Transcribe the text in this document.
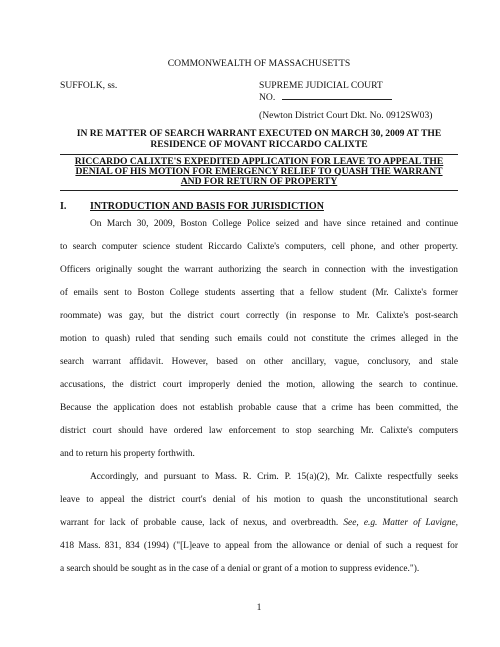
COMMONWEALTH OF MASSACHUSETTS
SUFFOLK, ss.	SUPREME JUDICIAL COURT
NO.
(Newton District Court Dkt. No. 0912SW03)
IN RE MATTER OF SEARCH WARRANT EXECUTED ON MARCH 30, 2009 AT THE
RESIDENCE OF MOVANT RICCARDO CALIXTE
RICCARDO CALIXTE'S EXPEDITED APPLICATION FOR LEAVE TO APPEAL THE
DENIAL OF HIS MOTION FOR EMERGENCY RELIEF TO QUASH THE WARRANT
AND FOR RETURN OF PROPERTY
I. INTRODUCTION AND BASIS FOR JURISDICTION
On March 30, 2009, Boston College Police seized and have since retained and continue
to search computer science student Riccardo Calixte's computers, cell phone, and other property.
Officers originally sought the warrant authorizing the search in connection with the investigation
of emails sent to Boston College students asserting that a fellow student (Mr. Calixte's former
roommate) was gay, but the district court correctly (in response to Mr. Calixte's post-search
motion to quash) ruled that sending such emails could not constitute the crimes alleged in the
search warrant affidavit. However, based on other ancillary, vague, conclusory, and stale
accusations, the district court improperly denied the motion, allowing the search to continue.
Because the application does not establish probable cause that a crime has been committed, the
district court should have ordered law enforcement to stop searching Mr. Calixte's computers
and to return his property forthwith.
Accordingly, and pursuant to Mass. R. Crim. P. 15(a)(2), Mr. Calixte respectfully seeks
leave to appeal the district court's denial of his motion to quash the unconstitutional search
warrant for lack of probable cause, lack of nexus, and overbreadth. See, e.g. Matter of Lavigne,
418 Mass. 831, 834 (1994) ("[L]eave to appeal from the allowance or denial of such a request for
a search should be sought as in the case of a denial or grant of a motion to suppress evidence.").
1
